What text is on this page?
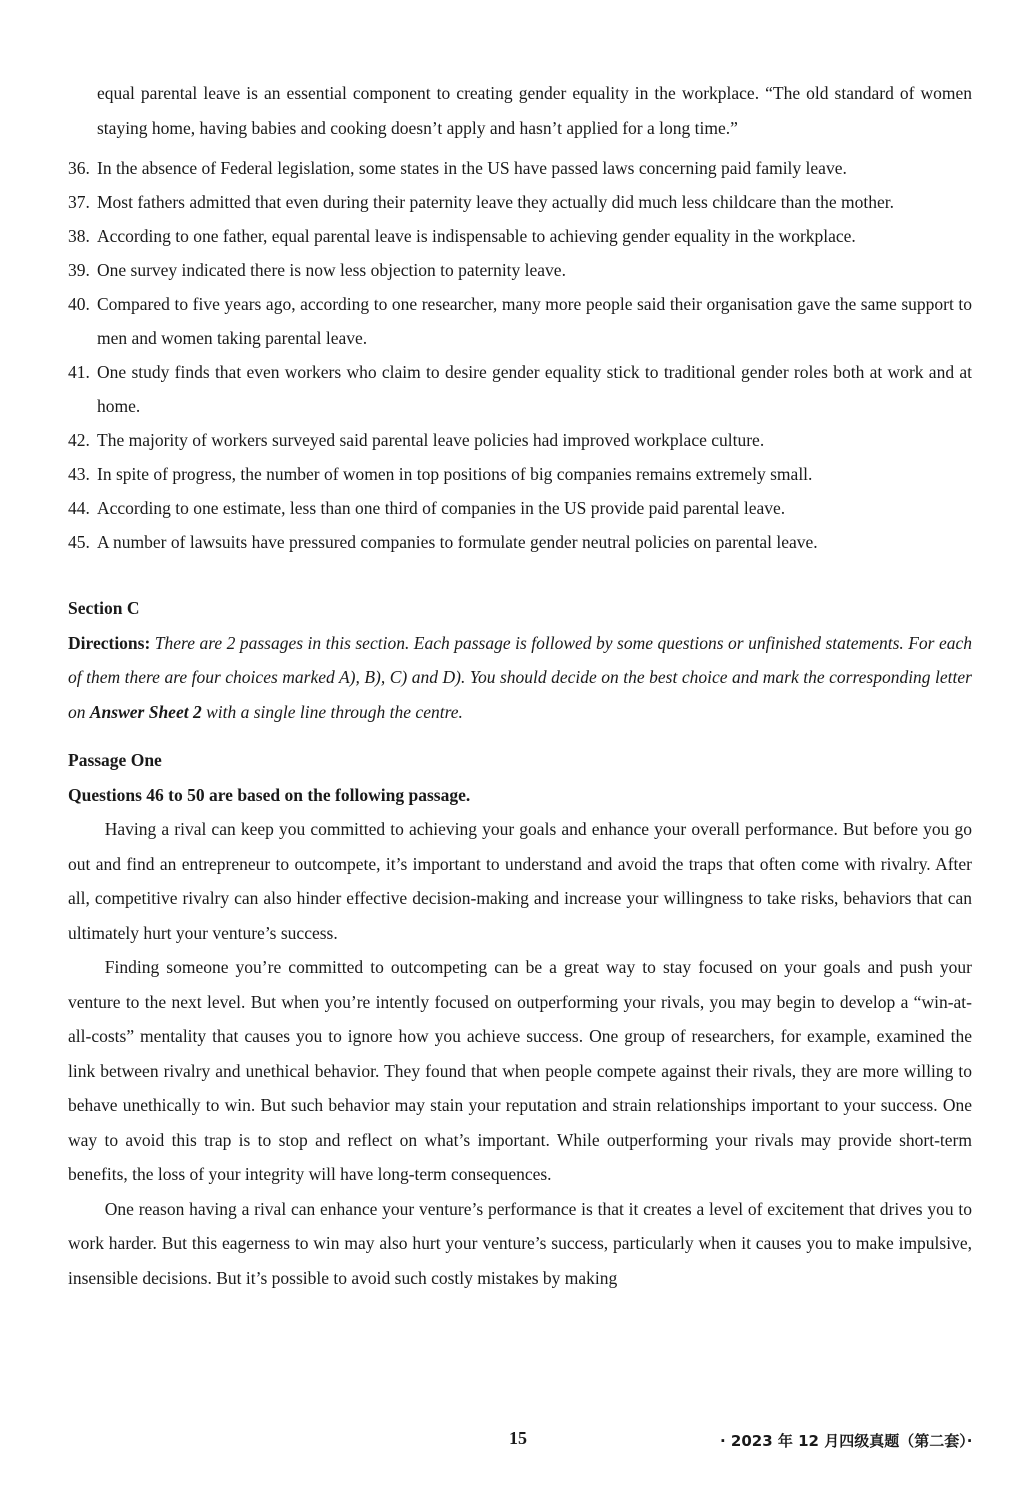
equal parental leave is an essential component to creating gender equality in the workplace. “The old standard of women staying home, having babies and cooking doesn’t apply and hasn’t applied for a long time.”

36. In the absence of Federal legislation, some states in the US have passed laws concerning paid family leave.
37. Most fathers admitted that even during their paternity leave they actually did much less childcare than the mother.
38. According to one father, equal parental leave is indispensable to achieving gender equality in the workplace.
39. One survey indicated there is now less objection to paternity leave.
40. Compared to five years ago, according to one researcher, many more people said their organisation gave the same support to men and women taking parental leave.
41. One study finds that even workers who claim to desire gender equality stick to traditional gender roles both at work and at home.
42. The majority of workers surveyed said parental leave policies had improved workplace culture.
43. In spite of progress, the number of women in top positions of big companies remains extremely small.
44. According to one estimate, less than one third of companies in the US provide paid parental leave.
45. A number of lawsuits have pressured companies to formulate gender neutral policies on parental leave.

Section C

Directions: There are 2 passages in this section. Each passage is followed by some questions or unfinished statements. For each of them there are four choices marked A), B), C) and D). You should decide on the best choice and mark the corresponding letter on Answer Sheet 2 with a single line through the centre.

Passage One

Questions 46 to 50 are based on the following passage.

Having a rival can keep you committed to achieving your goals and enhance your overall performance. But before you go out and find an entrepreneur to outcompete, it’s important to understand and avoid the traps that often come with rivalry. After all, competitive rivalry can also hinder effective decision-making and increase your willingness to take risks, behaviors that can ultimately hurt your venture’s success.

Finding someone you’re committed to outcompeting can be a great way to stay focused on your goals and push your venture to the next level. But when you’re intently focused on outperforming your rivals, you may begin to develop a “win-at-all-costs” mentality that causes you to ignore how you achieve success. One group of researchers, for example, examined the link between rivalry and unethical behavior. They found that when people compete against their rivals, they are more willing to behave unethically to win. But such behavior may stain your reputation and strain relationships important to your success. One way to avoid this trap is to stop and reflect on what’s important. While outperforming your rivals may provide short-term benefits, the loss of your integrity will have long-term consequences.

One reason having a rival can enhance your venture’s performance is that it creates a level of excitement that drives you to work harder. But this eagerness to win may also hurt your venture’s success, particularly when it causes you to make impulsive, insensible decisions. But it’s possible to avoid such costly mistakes by making

15	· 2023 年 12 月四级真题（第二套）·
